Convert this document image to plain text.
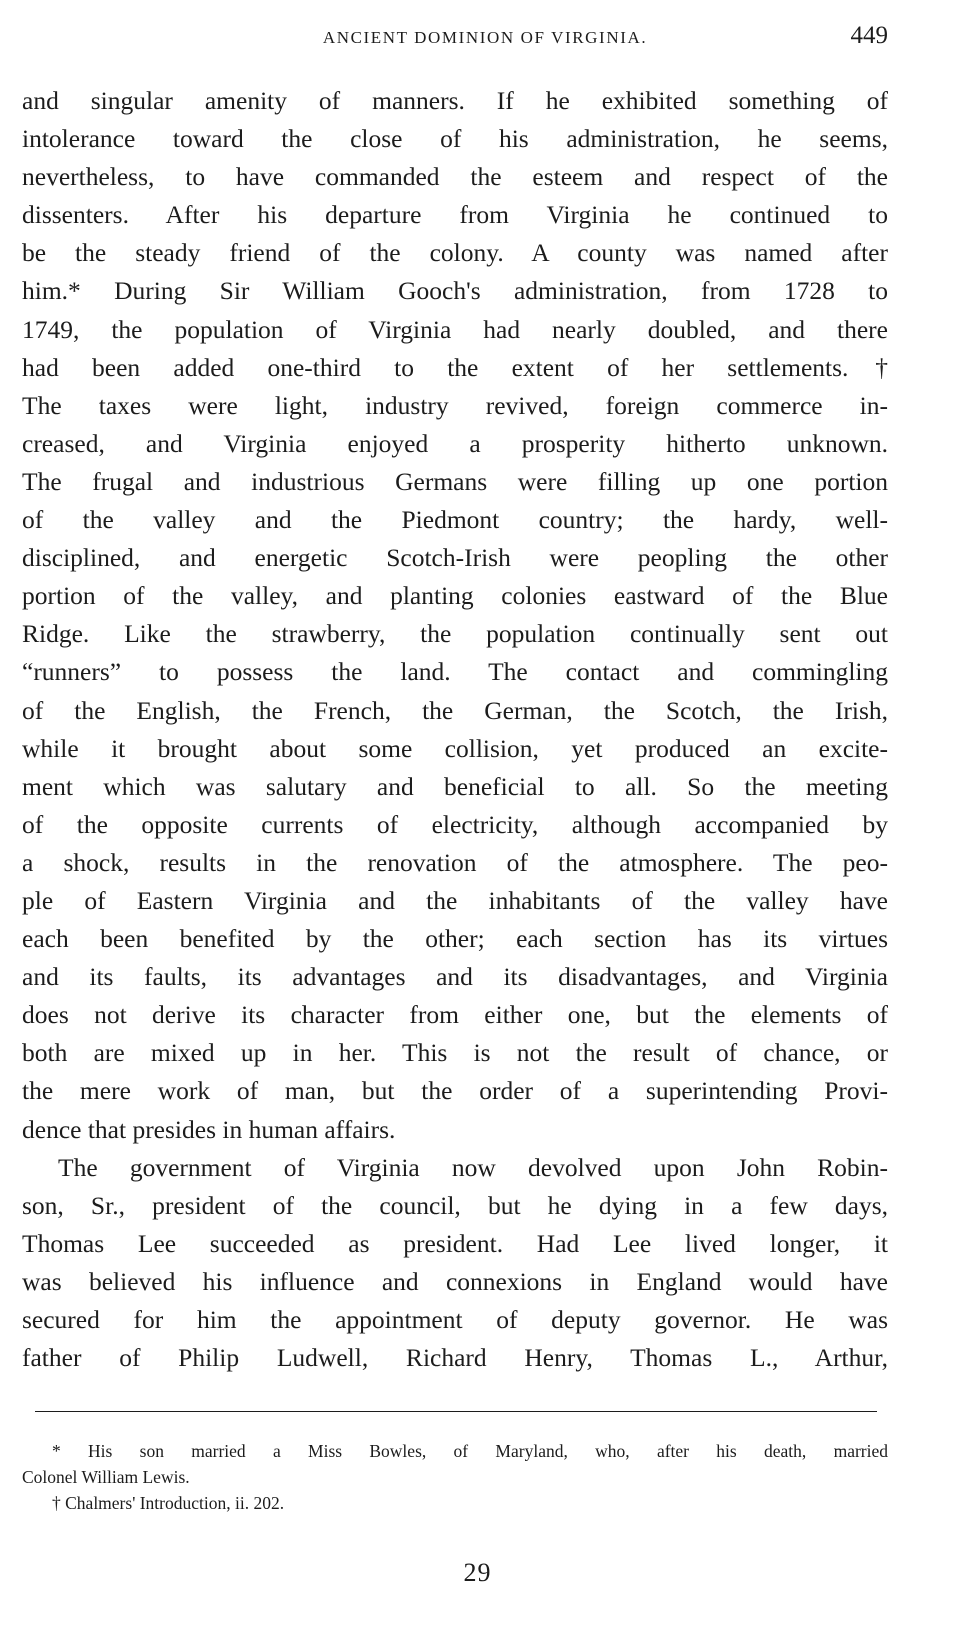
ANCIENT DOMINION OF VIRGINIA.	449
and singular amenity of manners. If he exhibited something of
intolerance toward the close of his administration, he seems,
nevertheless, to have commanded the esteem and respect of the
dissenters. After his departure from Virginia he continued to
be the steady friend of the colony. A county was named after
him.* During Sir William Gooch's administration, from 1728 to
1749, the population of Virginia had nearly doubled, and there
had been added one-third to the extent of her settlements.†
The taxes were light, industry revived, foreign commerce in-
creased, and Virginia enjoyed a prosperity hitherto unknown.
The frugal and industrious Germans were filling up one portion
of the valley and the Piedmont country; the hardy, well-
disciplined, and energetic Scotch-Irish were peopling the other
portion of the valley, and planting colonies eastward of the Blue
Ridge. Like the strawberry, the population continually sent out
“runners” to possess the land. The contact and commingling
of the English, the French, the German, the Scotch, the Irish,
while it brought about some collision, yet produced an excite-
ment which was salutary and beneficial to all. So the meeting
of the opposite currents of electricity, although accompanied by
a shock, results in the renovation of the atmosphere. The peo-
ple of Eastern Virginia and the inhabitants of the valley have
each been benefited by the other; each section has its virtues
and its faults, its advantages and its disadvantages, and Virginia
does not derive its character from either one, but the elements of
both are mixed up in her. This is not the result of chance, or
the mere work of man, but the order of a superintending Provi-
dence that presides in human affairs.
The government of Virginia now devolved upon John Robin-
son, Sr., president of the council, but he dying in a few days,
Thomas Lee succeeded as president. Had Lee lived longer, it
was believed his influence and connexions in England would have
secured for him the appointment of deputy governor. He was
father of Philip Ludwell, Richard Henry, Thomas L., Arthur,
* His son married a Miss Bowles, of Maryland, who, after his death, married
Colonel William Lewis.
† Chalmers' Introduction, ii. 202.
29
